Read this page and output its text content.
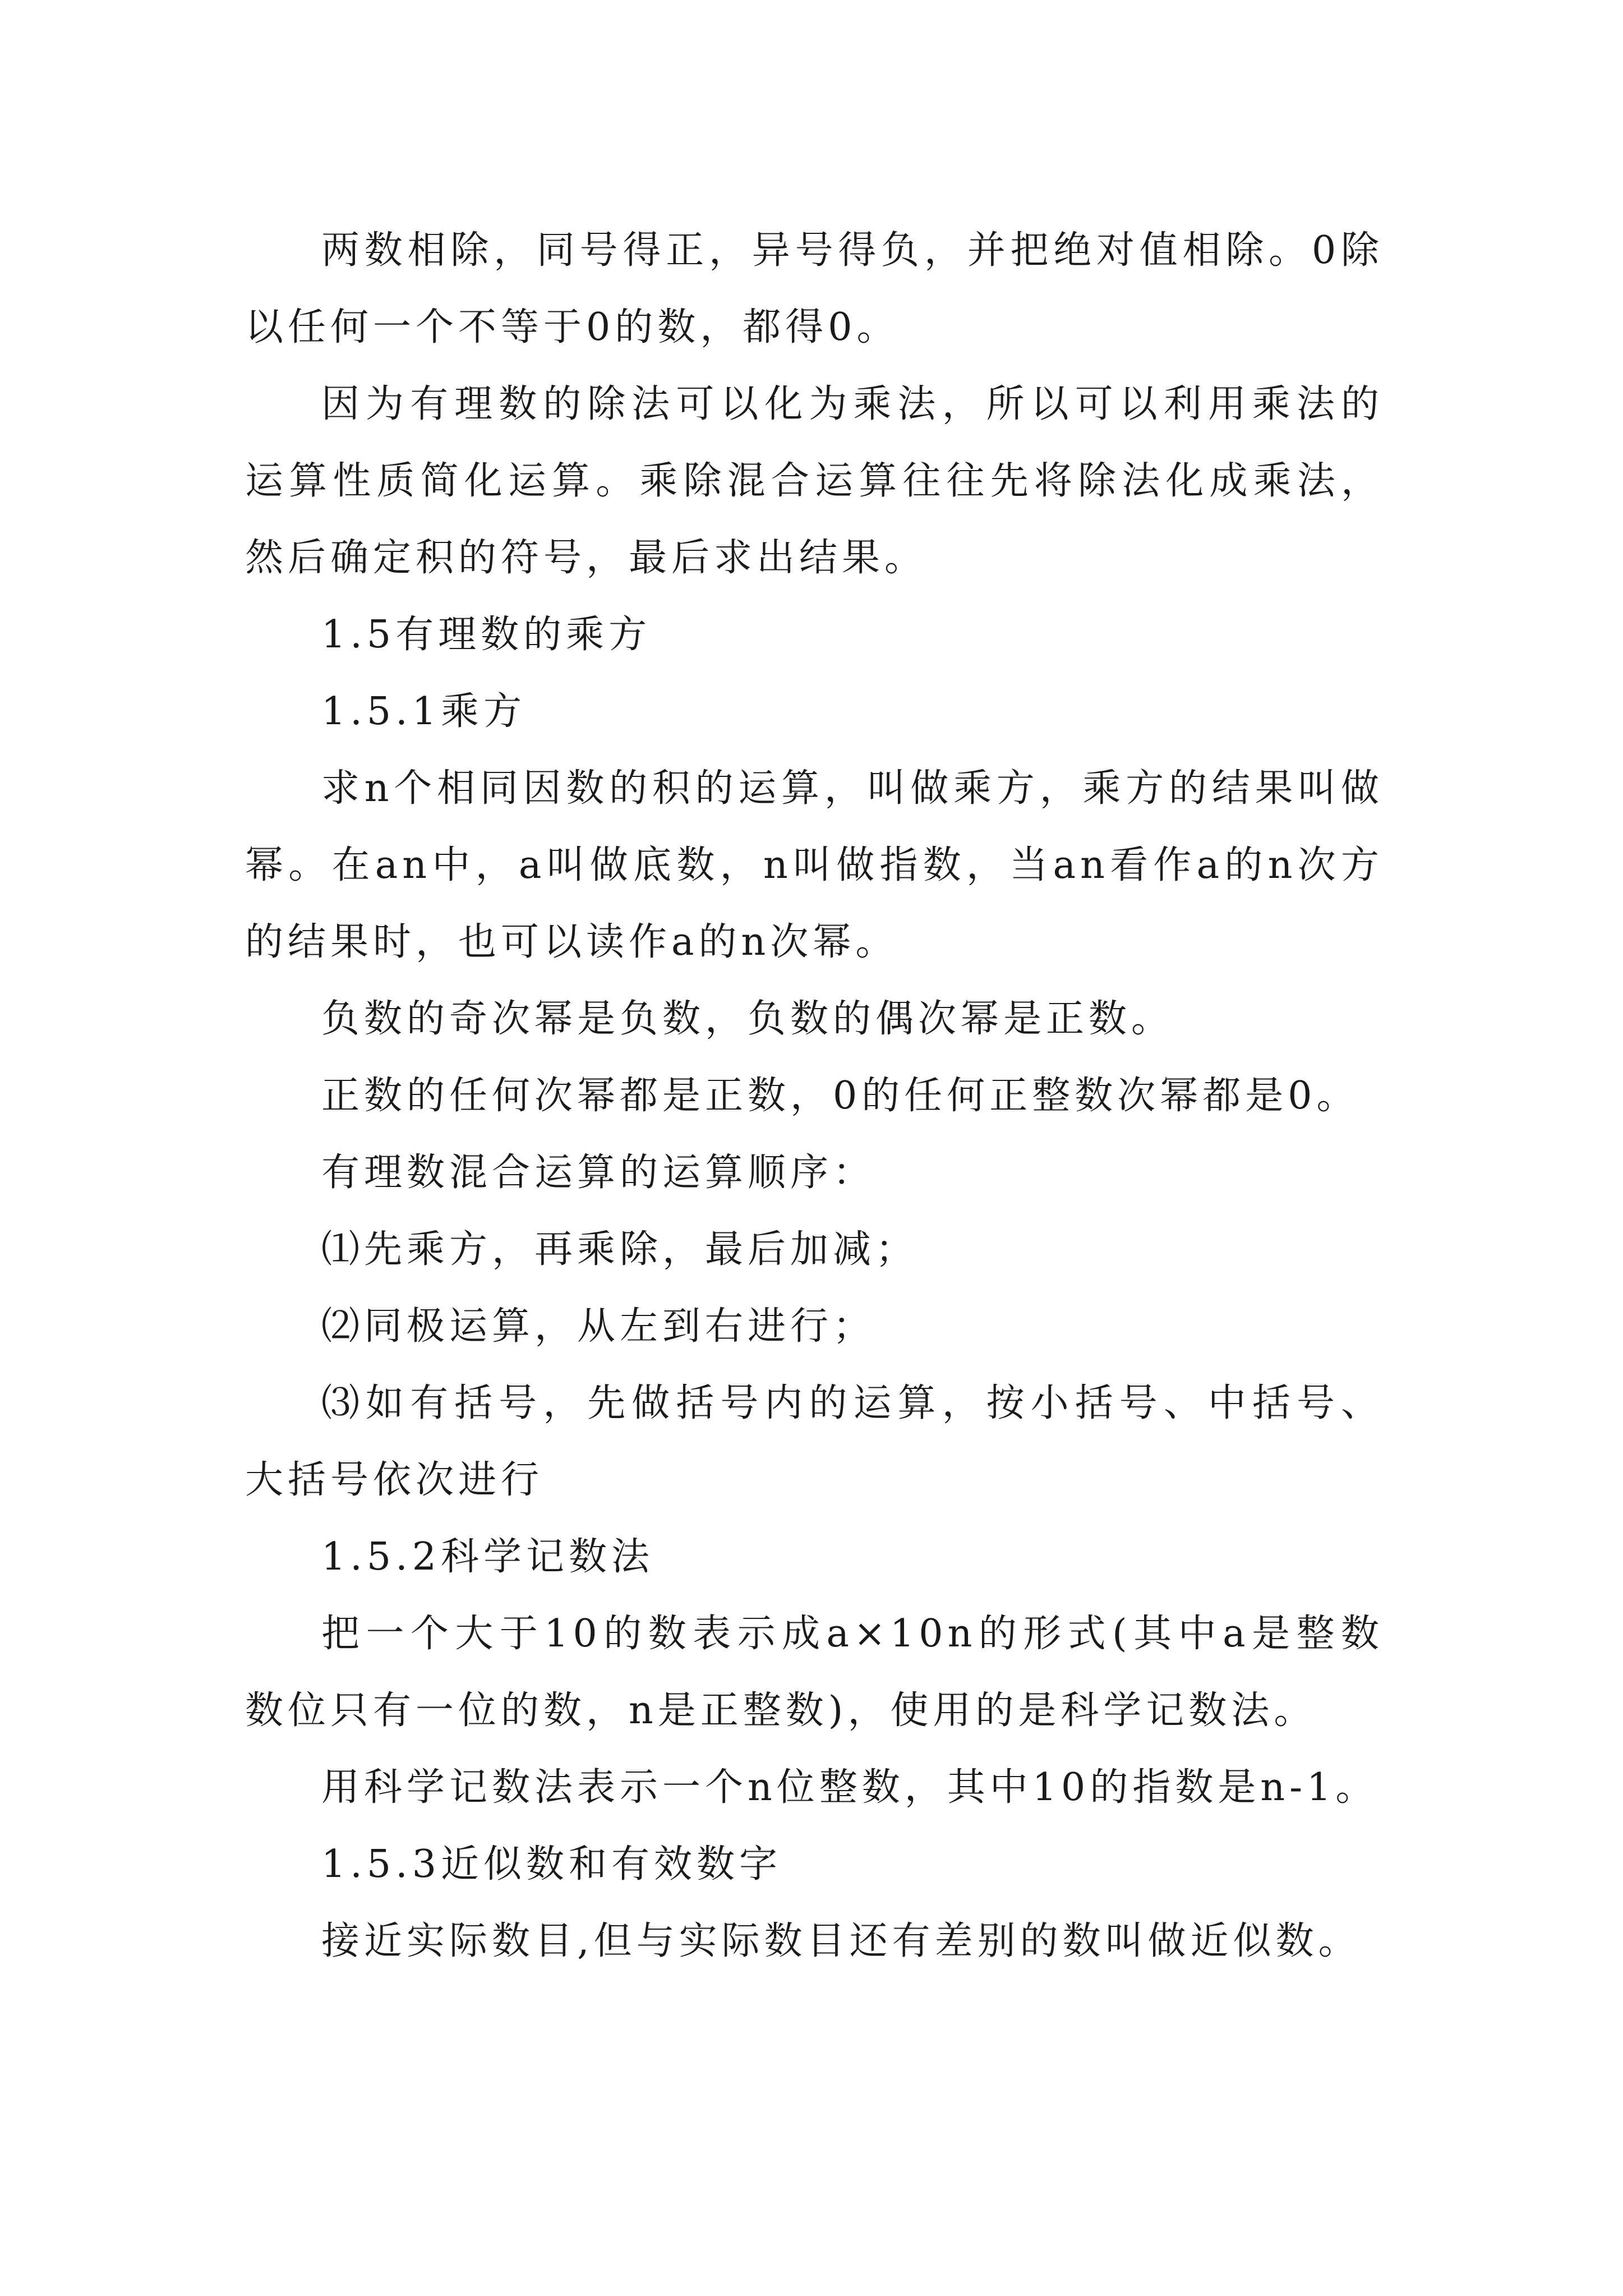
两数相除，同号得正，异号得负，并把绝对值相除。0除以任何一个不等于0的数，都得0。

因为有理数的除法可以化为乘法，所以可以利用乘法的运算性质简化运算。乘除混合运算往往先将除法化成乘法，然后确定积的符号，最后求出结果。

1.5有理数的乘方

1.5.1乘方

求n个相同因数的积的运算，叫做乘方，乘方的结果叫做幂。在an中，a叫做底数，n叫做指数，当an看作a的n次方的结果时，也可以读作a的n次幂。

负数的奇次幂是负数，负数的偶次幂是正数。

正数的任何次幂都是正数，0的任何正整数次幂都是0。

有理数混合运算的运算顺序：

⑴先乘方，再乘除，最后加减；

⑵同极运算，从左到右进行；

⑶如有括号，先做括号内的运算，按小括号、中括号、大括号依次进行

1.5.2科学记数法

把一个大于10的数表示成a×10n的形式(其中a是整数数位只有一位的数，n是正整数)，使用的是科学记数法。

用科学记数法表示一个n位整数，其中10的指数是n-1。

1.5.3近似数和有效数字

接近实际数目,但与实际数目还有差别的数叫做近似数。
